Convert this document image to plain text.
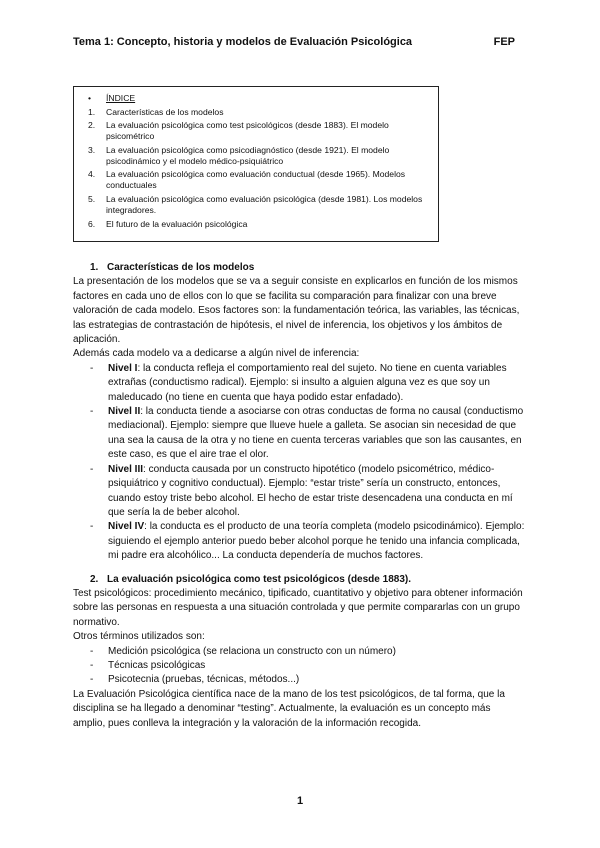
Tema 1: Concepto, historia y modelos de Evaluación Psicológica	FEP
•	ÍNDICE
1.	Características de los modelos
2.	La evaluación psicológica como test psicológicos (desde 1883). El modelo psicométrico
3.	La evaluación psicológica como psicodiagnóstico (desde 1921). El modelo psicodinámico y el modelo médico-psiquiátrico
4.	La evaluación psicológica como evaluación conductual (desde 1965). Modelos conductuales
5.	La evaluación psicológica como evaluación psicológica (desde 1981). Los modelos integradores.
6.	El futuro de la evaluación psicológica
1. Características de los modelos

La presentación de los modelos que se va a seguir consiste en explicarlos en función de los mismos factores en cada uno de ellos con lo que se facilita su comparación para finalizar con una breve valoración de cada modelo. Esos factores son: la fundamentación teórica, las variables, las técnicas, las estrategias de contrastación de hipótesis, el nivel de inferencia, los objetivos y los ámbitos de aplicación.

Además cada modelo va a dedicarse a algún nivel de inferencia:

- Nivel I: la conducta refleja el comportamiento real del sujeto. No tiene en cuenta variables extrañas (conductismo radical). Ejemplo: si insulto a alguien alguna vez es que soy un maleducado (no tiene en cuenta que haya podido estar enfadado).
- Nivel II: la conducta tiende a asociarse con otras conductas de forma no causal (conductismo mediacional). Ejemplo: siempre que llueve huele a galleta. Se asocian sin necesidad de que una sea la causa de la otra y no tiene en cuenta terceras variables que son las causantes, en este caso, es que el aire trae el olor.
- Nivel III: conducta causada por un constructo hipotético (modelo psicométrico, médico-psiquiátrico y cognitivo conductual). Ejemplo: “estar triste” sería un constructo, entonces, cuando estoy triste bebo alcohol. El hecho de estar triste desencadena una conducta en mí que sería la de beber alcohol.
- Nivel IV: la conducta es el producto de una teoría completa (modelo psicodinámico). Ejemplo: siguiendo el ejemplo anterior puedo beber alcohol porque he tenido una infancia complicada, mi padre era alcohólico... La conducta dependería de muchos factores.
2. La evaluación psicológica como test psicológicos (desde 1883).

Test psicológicos: procedimiento mecánico, tipificado, cuantitativo y objetivo para obtener información sobre las personas en respuesta a una situación controlada y que permite compararlas con un grupo normativo.

Otros términos utilizados son:

- Medición psicológica (se relaciona un constructo con un número)
- Técnicas psicológicas
- Psicotecnia (pruebas, técnicas, métodos...)

La Evaluación Psicológica científica nace de la mano de los test psicológicos, de tal forma, que la disciplina se ha llegado a denominar “testing”. Actualmente, la evaluación es un concepto más amplio, pues conlleva la integración y la valoración de la información recogida.

1
